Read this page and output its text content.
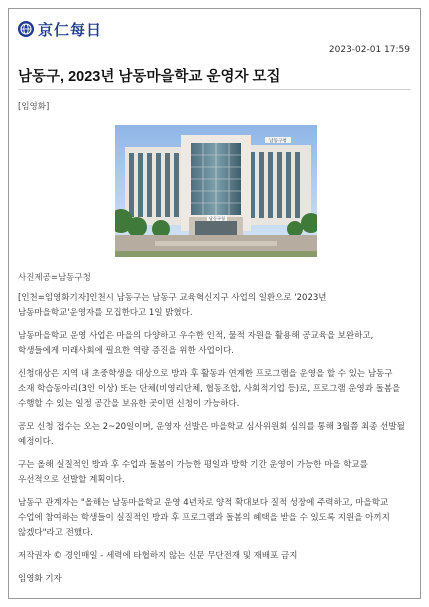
京仁每日
2023-02-01 17:59
남동구, 2023년 남동마을학교 운영자 모집
[임영화]
남동구청
남동구청
사진제공=남동구청

[인천=임영화기자]인천시 남동구는 남동구 교육혁신지구 사업의 일환으로 '2023년 남동마을학교'운영자를 모집한다고 1일 밝혔다.

남동마을학교 운영 사업은 마을의 다양하고 우수한 인적, 물적 자원을 활용해 공교육을 보완하고, 학생들에게 미래사회에 필요한 역량 증진을 위한 사업이다.

신청대상은 지역 내 초중학생을 대상으로 방과 후 활동과 연계한 프로그램을 운영을 할 수 있는 남동구 소재 학습동아리(3인 이상) 또는 단체(비영리단체, 협동조합, 사회적기업 등)로, 프로그램 운영과 돌봄을 수행할 수 있는 일정 공간을 보유한 곳이면 신청이 가능하다.

공모 신청 접수는 오는 2~20일이며, 운영자 선발은 마을학교 심사위원회 심의를 통해 3월쯤 최종 선발될 예정이다.

구는 올해 실질적인 방과 후 수업과 돌봄이 가능한 평일과 방학 기간 운영이 가능한 마을 학교를 우선적으로 선발할 계획이다.

남동구 관계자는 "올해는 남동마을학교 운영 4년차로 양적 확대보다 질적 성장에 주력하고, 마을학교 수업에 참여하는 학생들이 실질적인 방과 후 프로그램과 돌봄의 혜택을 받을 수 있도록 지원을 아끼지 않겠다"라고 전했다.

저작권자 © 경인매일 - 세력에 타협하지 않는 신문 무단전재 및 재배포 금지

임영화 기자
